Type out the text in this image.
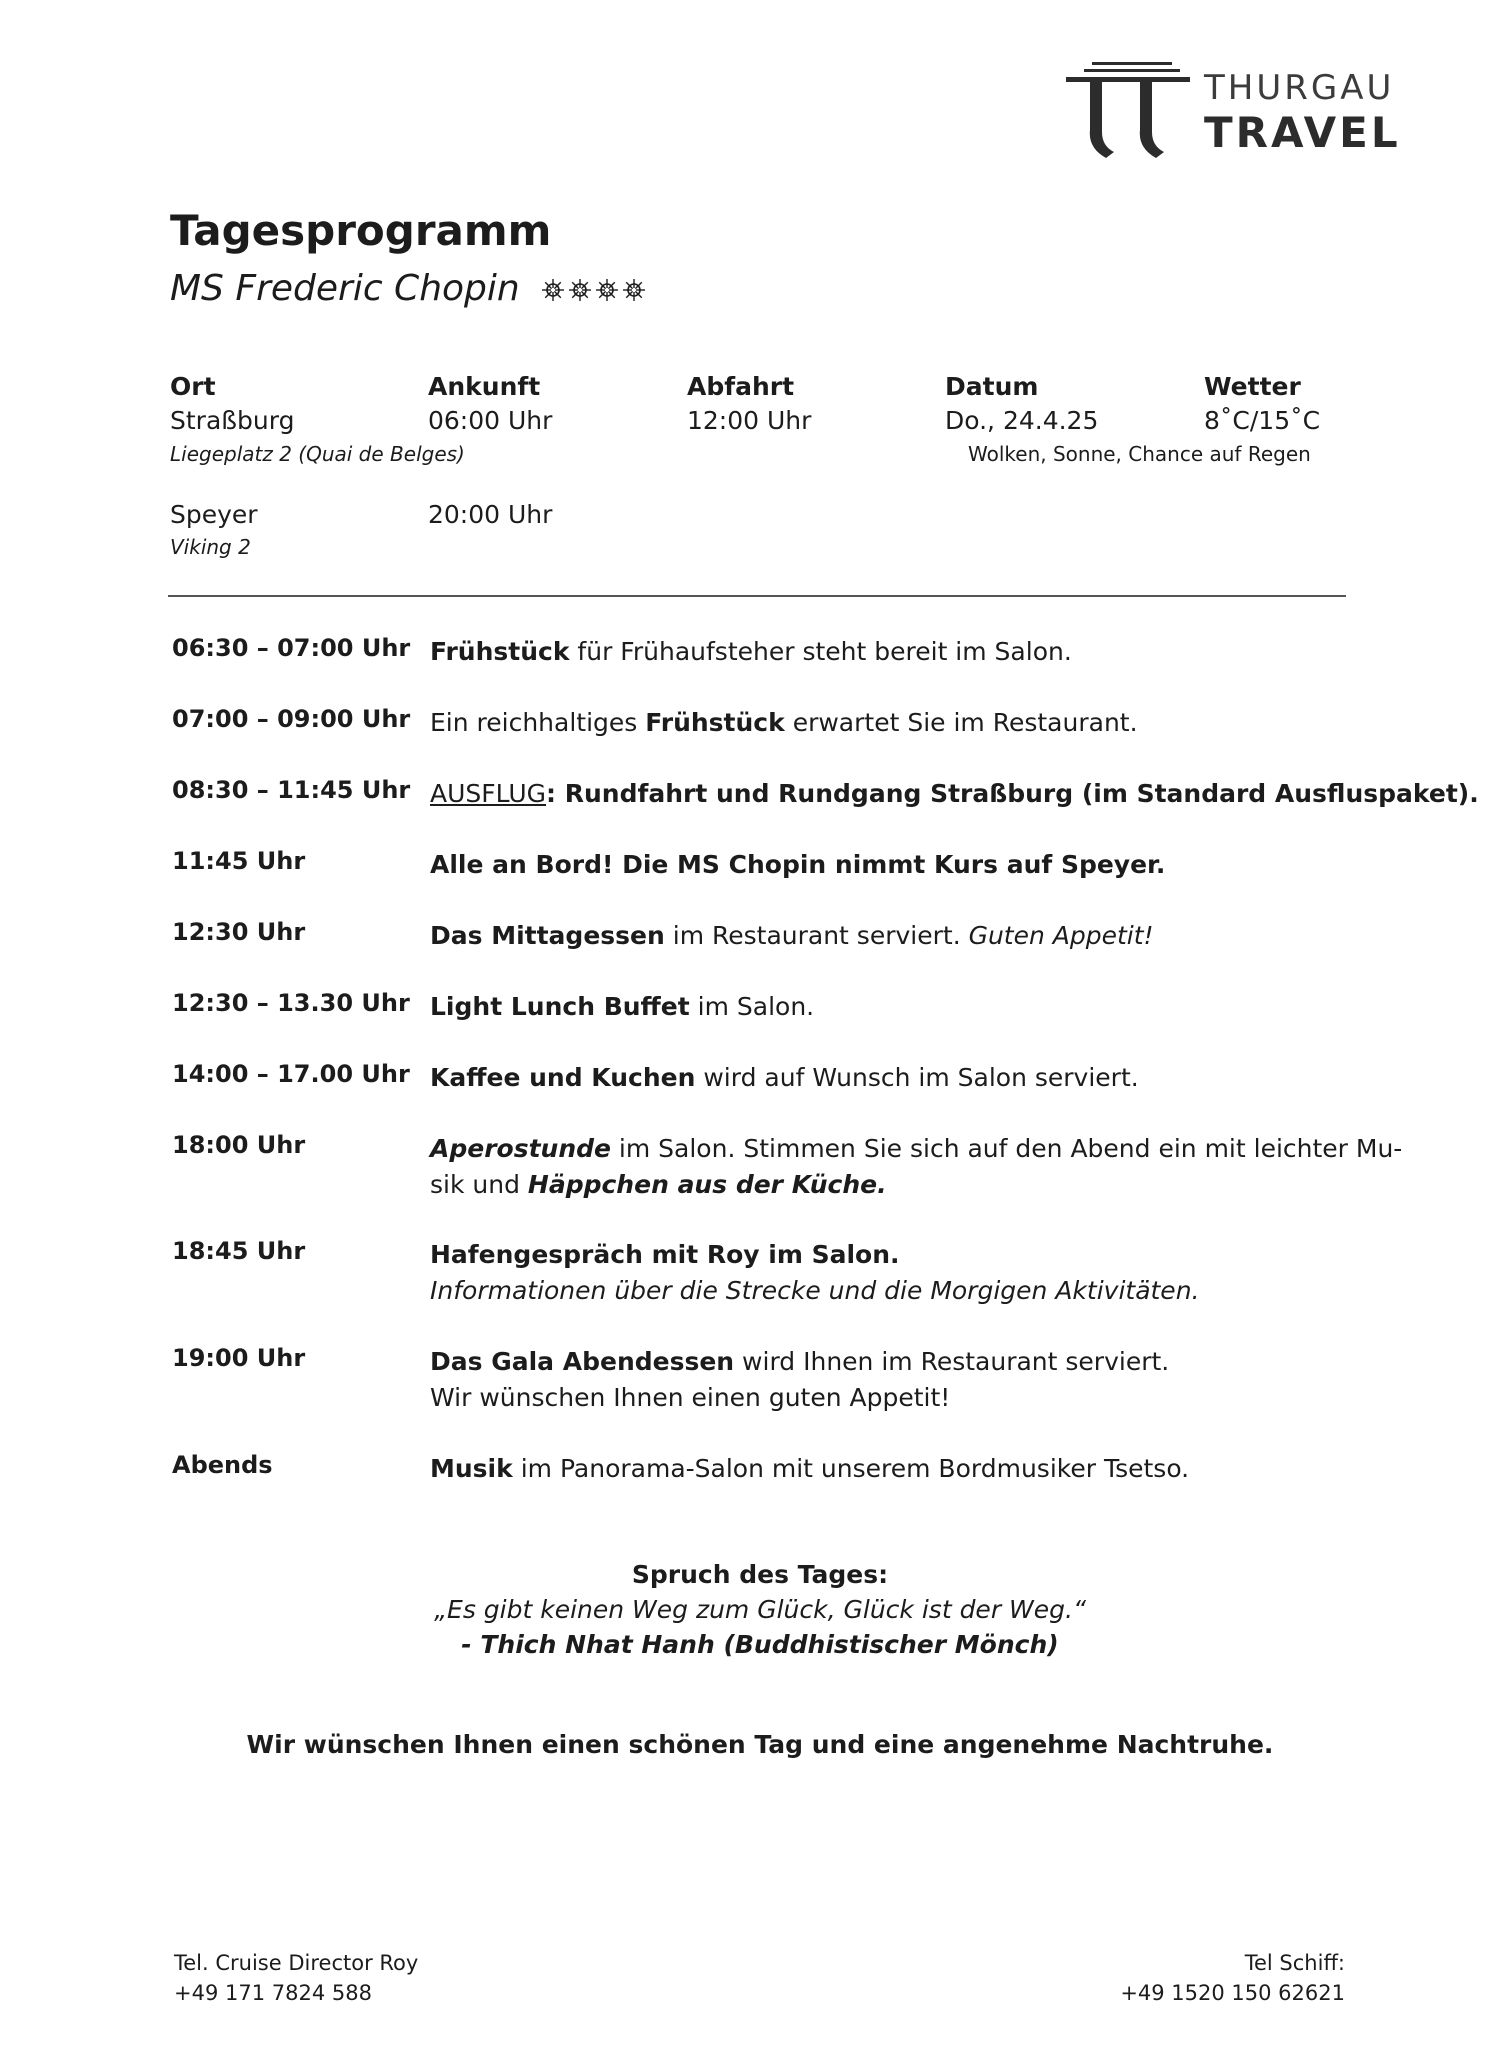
THURGAU
TRAVEL
Tagesprogramm
MS Frederic Chopin
Ort	Ankunft	Abfahrt	Datum	Wetter
Straßburg	06:00 Uhr	12:00 Uhr	Do., 24.4.25	8˚C/15˚C
Liegeplatz 2 (Quai de Belges)	Wolken, Sonne, Chance auf Regen
Speyer	20:00 Uhr
Viking 2
06:30 – 07:00 Uhr Frühstück für Frühaufsteher steht bereit im Salon.
07:00 – 09:00 Uhr Ein reichhaltiges Frühstück erwartet Sie im Restaurant.
08:30 – 11:45 Uhr AUSFLUG: Rundfahrt und Rundgang Straßburg (im Standard Ausfluspaket).
11:45 Uhr	Alle an Bord! Die MS Chopin nimmt Kurs auf Speyer.
12:30 Uhr	Das Mittagessen im Restaurant serviert. Guten Appetit!
12:30 – 13.30 Uhr Light Lunch Buffet im Salon.
14:00 – 17.00 Uhr Kaffee und Kuchen wird auf Wunsch im Salon serviert.
18:00 Uhr	Aperostunde im Salon. Stimmen Sie sich auf den Abend ein mit leichter Mu-
sik und Häppchen aus der Küche.
18:45 Uhr	Hafengespräch mit Roy im Salon.
Informationen über die Strecke und die Morgigen Aktivitäten.
19:00 Uhr	Das Gala Abendessen wird Ihnen im Restaurant serviert.
Wir wünschen Ihnen einen guten Appetit!
Abends	Musik im Panorama-Salon mit unserem Bordmusiker Tsetso.
Spruch des Tages:
„Es gibt keinen Weg zum Glück, Glück ist der Weg.“
- Thich Nhat Hanh (Buddhistischer Mönch)
Wir wünschen Ihnen einen schönen Tag und eine angenehme Nachtruhe.
Tel. Cruise Director Roy
+49 171 7824 588
Tel Schiff:
+49 1520 150 62621
